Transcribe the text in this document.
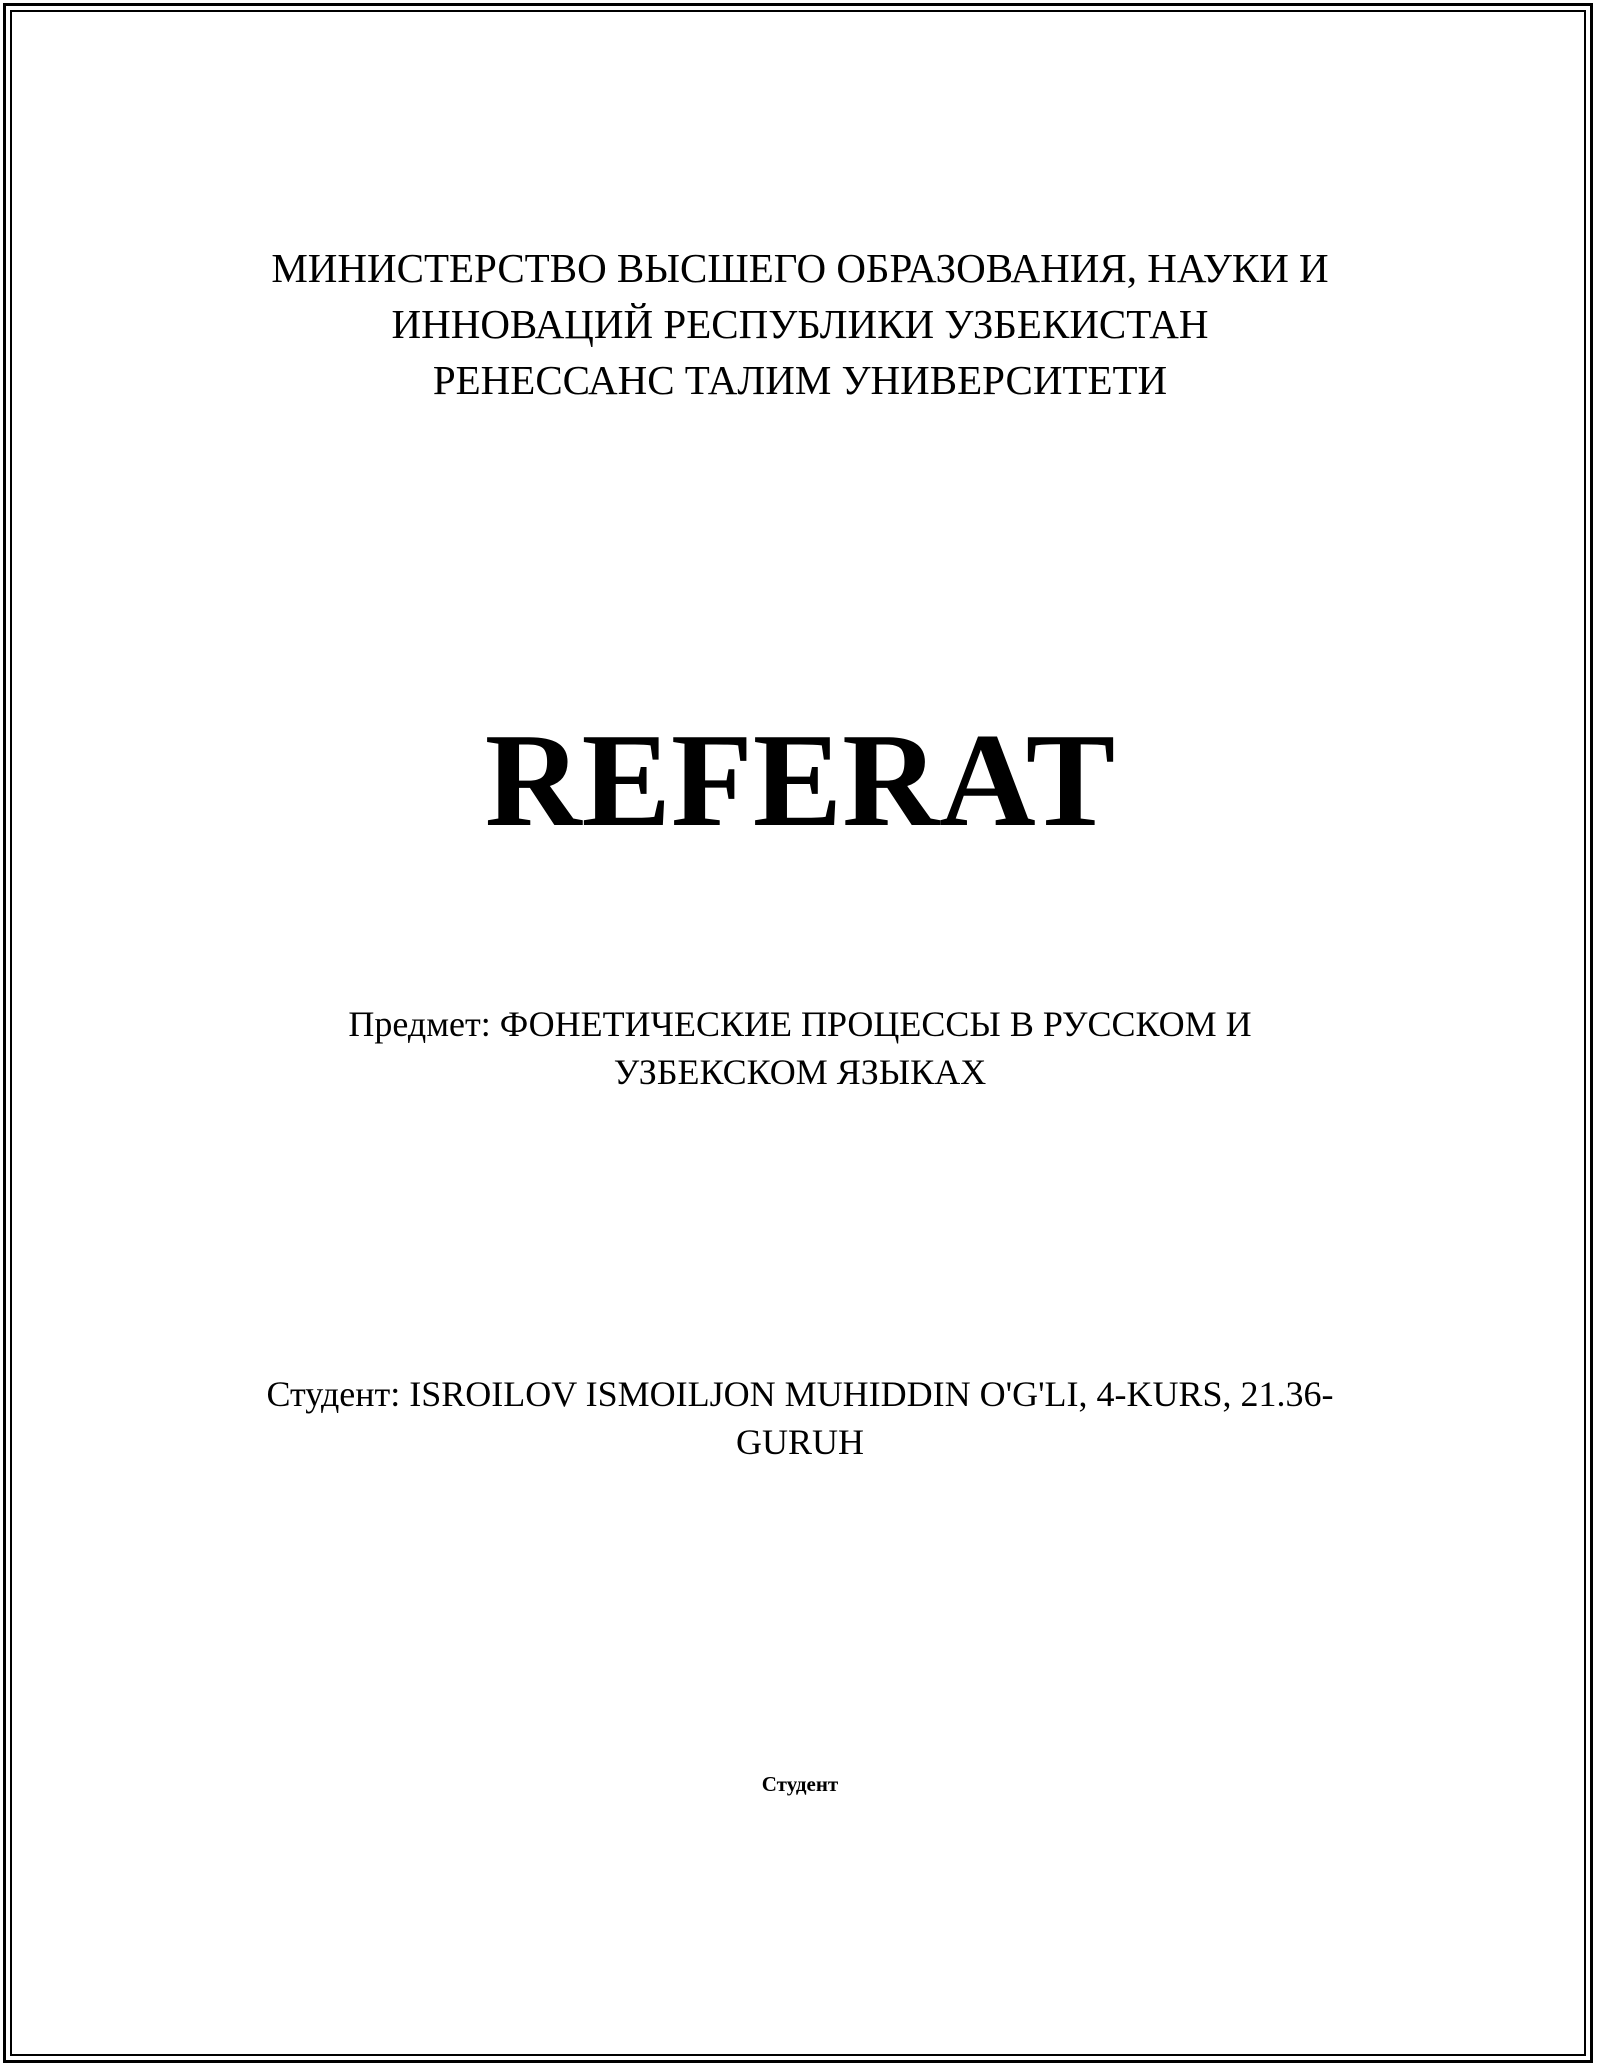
МИНИСТЕРСТВО ВЫСШЕГО ОБРАЗОВАНИЯ, НАУКИ И
ИННОВАЦИЙ РЕСПУБЛИКИ УЗБЕКИСТАН
РЕНЕССАНС ТАЛИМ УНИВЕРСИТЕТИ
REFERAT
Предмет: ФОНЕТИЧЕСКИЕ ПРОЦЕССЫ В РУССКОМ И
УЗБЕКСКОМ ЯЗЫКАХ
Студент: ISROILOV ISMOILJON MUHIDDIN O'G'LI, 4-KURS, 21.36-
GURUH
Студент
